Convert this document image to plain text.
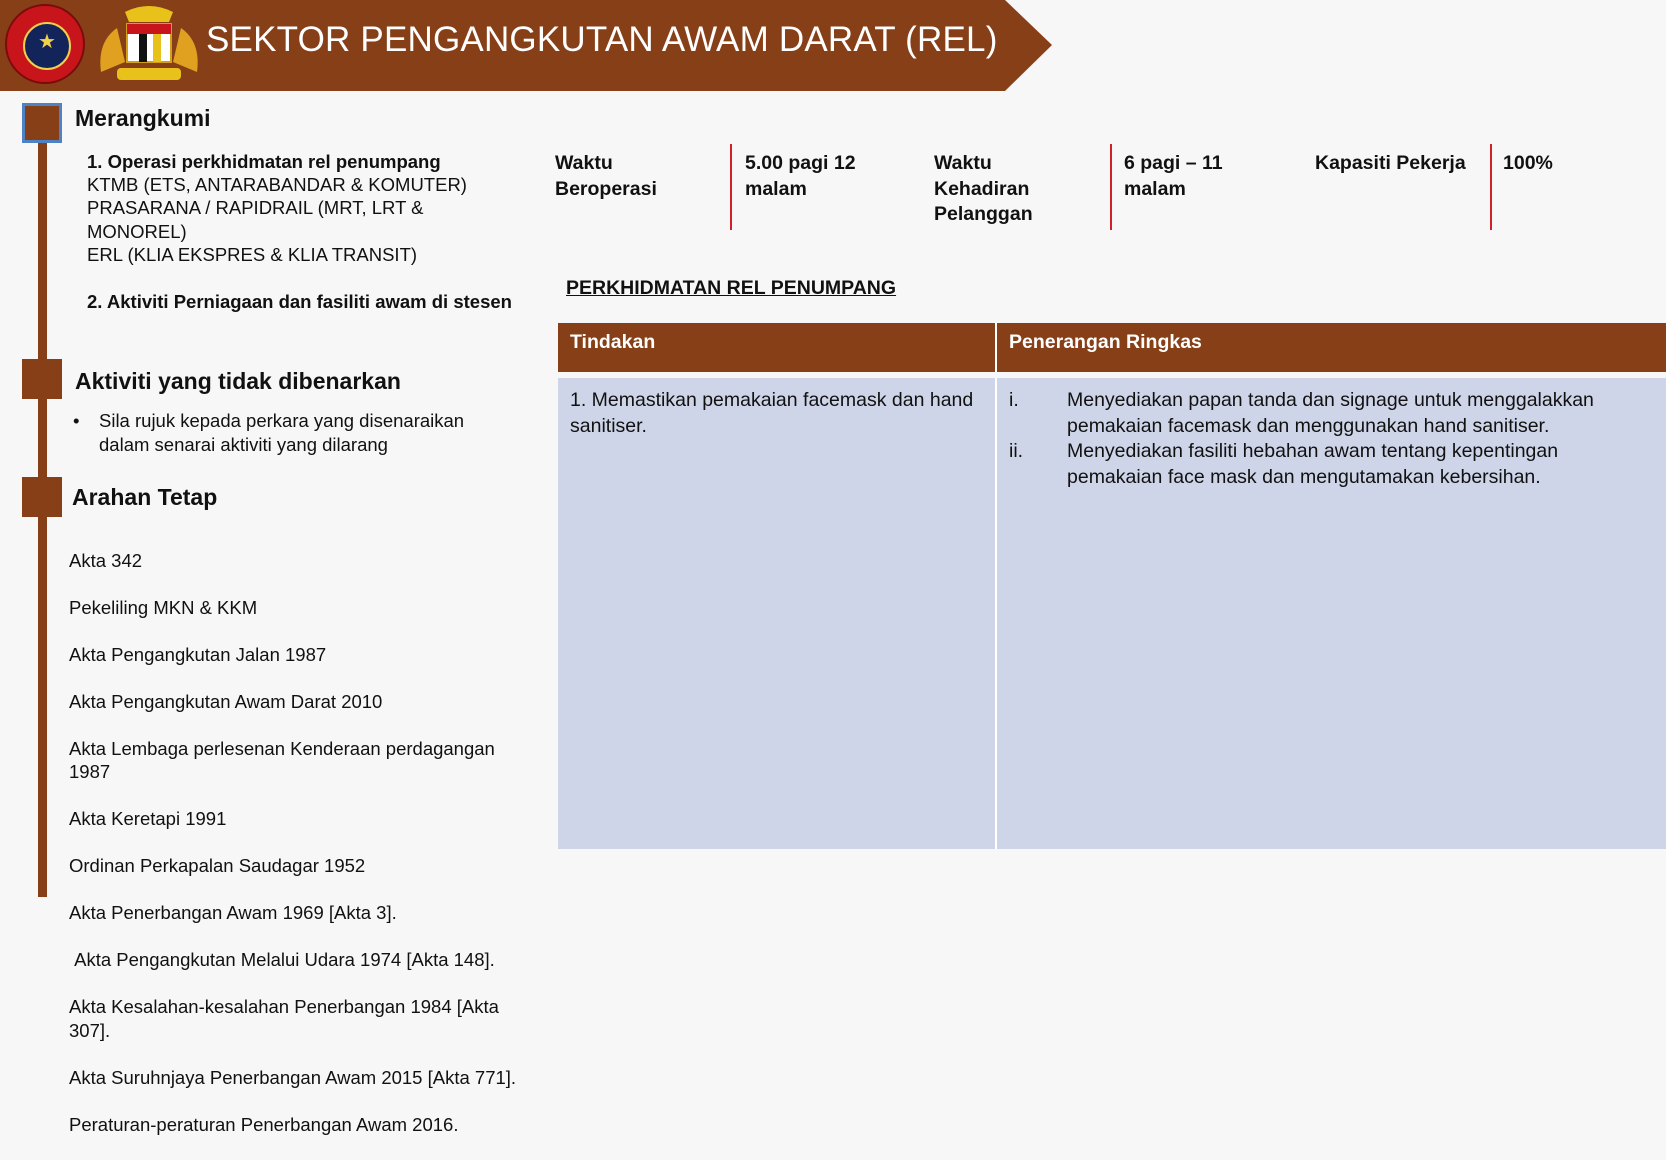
★	SEKTOR PENGANGKUTAN AWAM DARAT (REL)
Merangkumi
1. Operasi perkhidmatan rel penumpang
KTMB (ETS, ANTARABANDAR & KOMUTER)
PRASARANA / RAPIDRAIL (MRT, LRT & MONOREL)
ERL (KLIA EKSPRES & KLIA TRANSIT)
2. Aktiviti Perniagaan dan fasiliti awam di stesen
Aktiviti yang tidak dibenarkan
• Sila rujuk kepada perkara yang disenaraikan dalam senarai aktiviti yang dilarang
Arahan Tetap

Akta 342

Pekeliling MKN & KKM

Akta Pengangkutan Jalan 1987

Akta Pengangkutan Awam Darat 2010

Akta Lembaga perlesenan Kenderaan perdagangan 1987

Akta Keretapi 1991

Ordinan Perkapalan Saudagar 1952

Akta Penerbangan Awam 1969 [Akta 3].

Akta Pengangkutan Melalui Udara 1974 [Akta 148].

Akta Kesalahan-kesalahan Penerbangan 1984 [Akta 307].

Akta Suruhnjaya Penerbangan Awam 2015 [Akta 771].

Peraturan-peraturan Penerbangan Awam 2016.

Waktu Beroperasi
5.00 pagi 12 malam
Waktu Kehadiran Pelanggan
6 pagi – 11 malam
Kapasiti Pekerja	100%
PERKHIDMATAN REL PENUMPANG
Tindakan	Penerangan Ringkas

1. Memastikan pemakaian facemask dan hand sanitiser.	i. Menyediakan papan tanda dan signage untuk menggalakkan pemakaian facemask dan menggunakan hand sanitiser.
ii. Menyediakan fasiliti hebahan awam tentang kepentingan pemakaian face mask dan mengutamakan kebersihan.
